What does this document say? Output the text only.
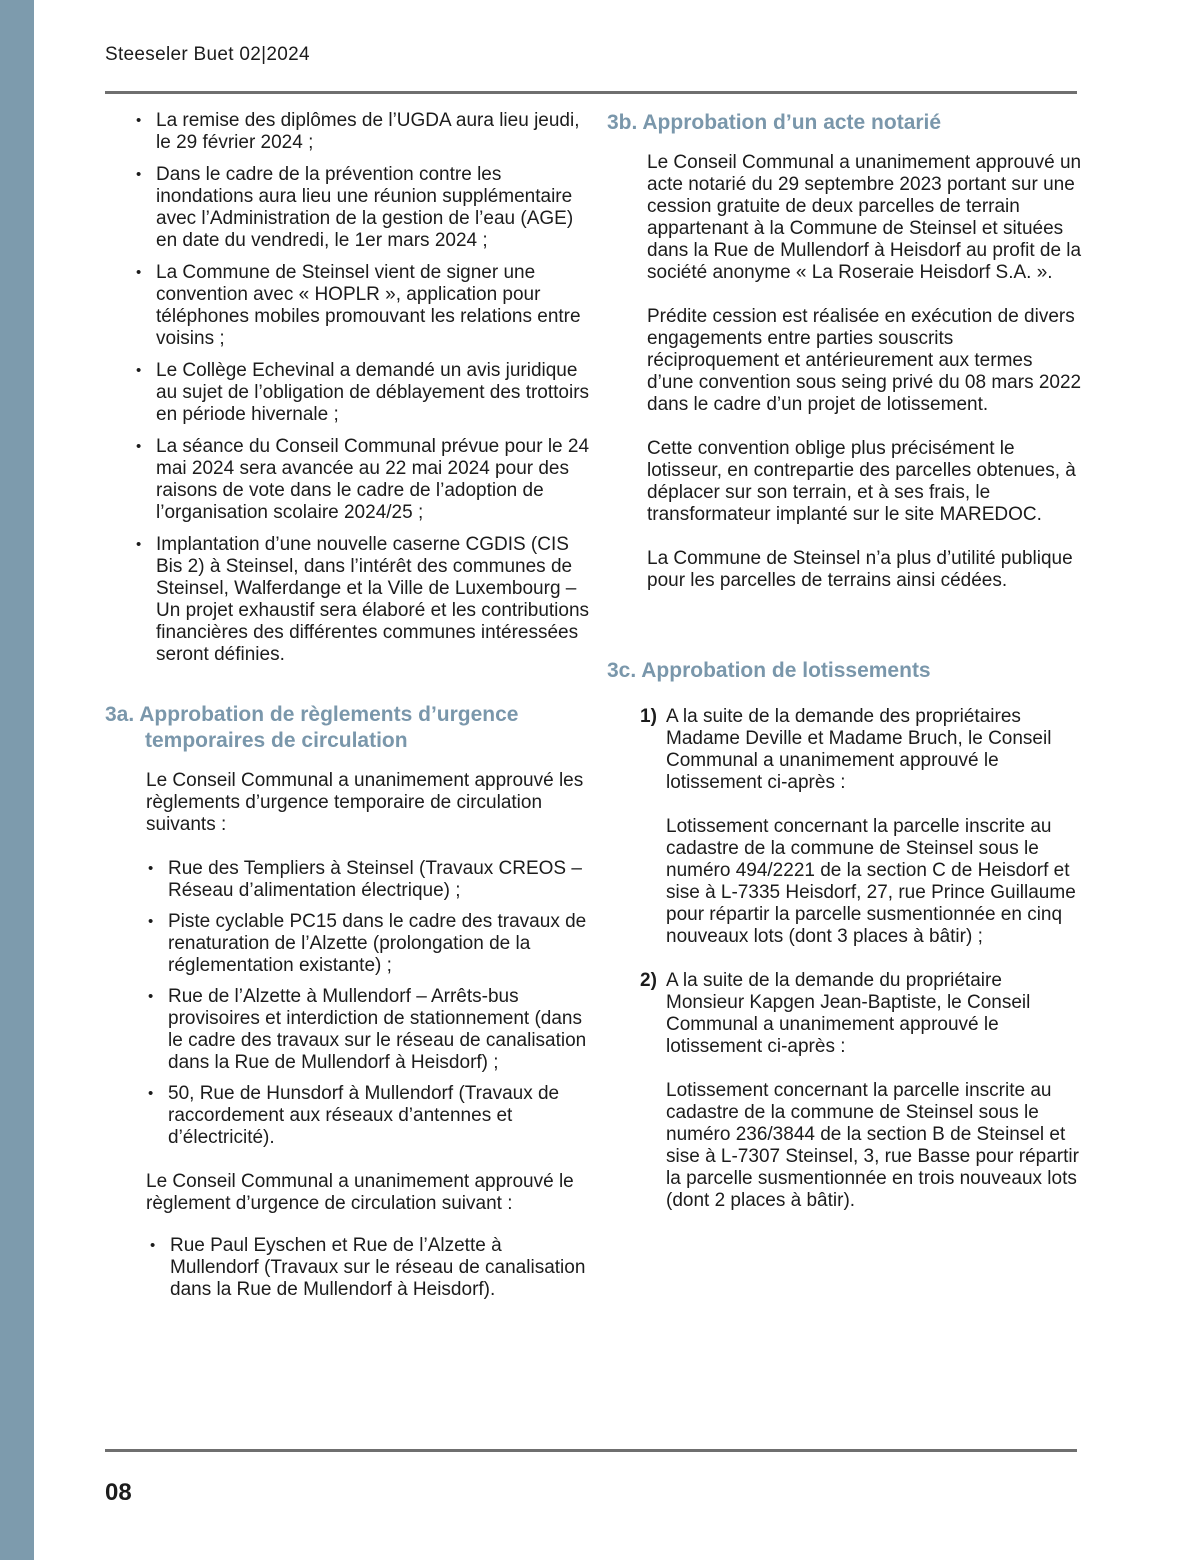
Steeseler Buet 02|2024
• La remise des diplômes de l’UGDA aura lieu jeudi, le 29 février 2024 ;
• Dans le cadre de la prévention contre les inondations aura lieu une réunion supplémentaire avec l’Administration de la gestion de l’eau (AGE) en date du vendredi, le 1er mars 2024 ;
• La Commune de Steinsel vient de signer une convention avec « HOPLR », application pour téléphones mobiles promouvant les relations entre voisins ;
• Le Collège Echevinal a demandé un avis juridique au sujet de l’obligation de déblayement des trottoirs en période hivernale ;
• La séance du Conseil Communal prévue pour le 24 mai 2024 sera avancée au 22 mai 2024 pour des raisons de vote dans le cadre de l’adoption de l’organisation scolaire 2024/25 ;
• Implantation d’une nouvelle caserne CGDIS (CIS Bis 2) à Steinsel, dans l’intérêt des communes de Steinsel, Walferdange et la Ville de Luxembourg – Un projet exhaustif sera élaboré et les contributions financières des différentes communes intéressées seront définies.
3a. Approbation de règlements d’urgence temporaires de circulation

Le Conseil Communal a unanimement approuvé les règlements d’urgence temporaire de circulation suivants :

• Rue des Templiers à Steinsel (Travaux CREOS – Réseau d’alimentation électrique) ;
• Piste cyclable PC15 dans le cadre des travaux de renaturation de l’Alzette (prolongation de la réglementation existante) ;
• Rue de l’Alzette à Mullendorf – Arrêts-bus provisoires et interdiction de stationnement (dans le cadre des travaux sur le réseau de canalisation dans la Rue de Mullendorf à Heisdorf) ;
• 50, Rue de Hunsdorf à Mullendorf (Travaux de raccordement aux réseaux d’antennes et d’électricité).

Le Conseil Communal a unanimement approuvé le règlement d’urgence de circulation suivant :

• Rue Paul Eyschen et Rue de l’Alzette à Mullendorf (Travaux sur le réseau de canalisation dans la Rue de Mullendorf à Heisdorf).
3b. Approbation d’un acte notarié

Le Conseil Communal a unanimement approuvé un acte notarié du 29 septembre 2023 portant sur une cession gratuite de deux parcelles de terrain appartenant à la Commune de Steinsel et situées dans la Rue de Mullendorf à Heisdorf au profit de la société anonyme « La Roseraie Heisdorf S.A. ».

Prédite cession est réalisée en exécution de divers engagements entre parties souscrits réciproquement et antérieurement aux termes d’une convention sous seing privé du 08 mars 2022 dans le cadre d’un projet de lotissement.

Cette convention oblige plus précisément le lotisseur, en contrepartie des parcelles obtenues, à déplacer sur son terrain, et à ses frais, le transformateur implanté sur le site MAREDOC.

La Commune de Steinsel n’a plus d’utilité publique pour les parcelles de terrains ainsi cédées.

3c. Approbation de lotissements
1) A la suite de la demande des propriétaires Madame Deville et Madame Bruch, le Conseil Communal a unanimement approuvé le lotissement ci-après :

Lotissement concernant la parcelle inscrite au cadastre de la commune de Steinsel sous le numéro 494/2221 de la section C de Heisdorf et sise à L-7335 Heisdorf, 27, rue Prince Guillaume pour répartir la parcelle susmentionnée en cinq nouveaux lots (dont 3 places à bâtir) ;

2) A la suite de la demande du propriétaire Monsieur Kapgen Jean-Baptiste, le Conseil Communal a unanimement approuvé le lotissement ci-après :

Lotissement concernant la parcelle inscrite au cadastre de la commune de Steinsel sous le numéro 236/3844 de la section B de Steinsel et sise à L-7307 Steinsel, 3, rue Basse pour répartir la parcelle susmentionnée en trois nouveaux lots (dont 2 places à bâtir).

08
